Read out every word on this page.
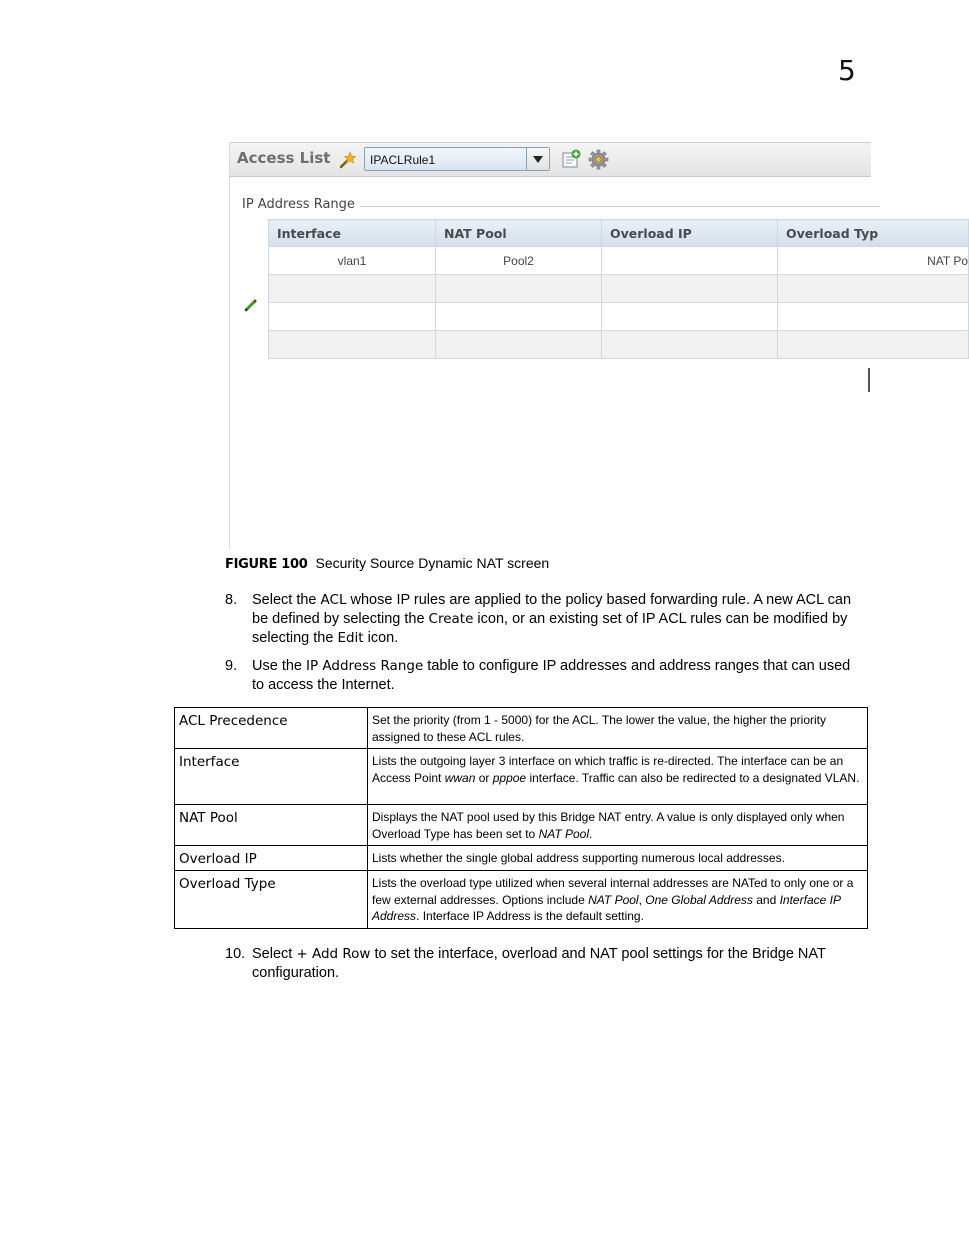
5
Access List	IPACLRule1
IP Address Range
Interface	NAT Pool	Overload IP	Overload Typ
vlan1	Pool2		NAT Po

FIGURE 100 Security Source Dynamic NAT screen
8. Select the ACL whose IP rules are applied to the policy based forwarding rule. A new ACL can be defined by selecting the Create icon, or an existing set of IP ACL rules can be modified by selecting the Edit icon.
9. Use the IP Address Range table to configure IP addresses and address ranges that can used to access the Internet.
ACL Precedence	Set the priority (from 1 - 5000) for the ACL. The lower the value, the higher the priority assigned to these ACL rules.
Interface	Lists the outgoing layer 3 interface on which traffic is re-directed. The interface can be an Access Point wwan or pppoe interface. Traffic can also be redirected to a designated VLAN.
NAT Pool	Displays the NAT pool used by this Bridge NAT entry. A value is only displayed only when Overload Type has been set to NAT Pool.
Overload IP	Lists whether the single global address supporting numerous local addresses.
Overload Type	Lists the overload type utilized when several internal addresses are NATed to only one or a few external addresses. Options include NAT Pool, One Global Address and Interface IP Address. Interface IP Address is the default setting.
10. Select + Add Row to set the interface, overload and NAT pool settings for the Bridge NAT configuration.
